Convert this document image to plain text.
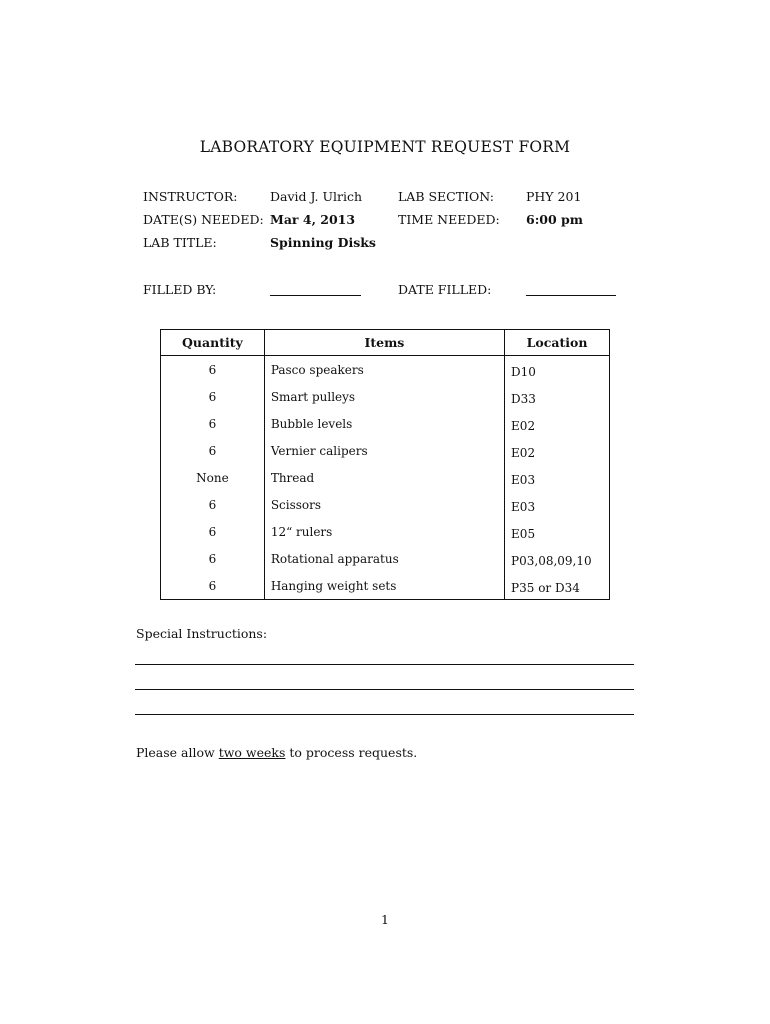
LABORATORY EQUIPMENT REQUEST FORM
INSTRUCTOR:	David J. Ulrich	LAB SECTION:	PHY 201
DATE(S) NEEDED: Mar 4, 2013	TIME NEEDED: 6:00 pm
LAB TITLE:	Spinning Disks
FILLED BY:	DATE FILLED:
Quantity	Items	Location
6	Pasco speakers	D10
6	Smart pulleys	D33
6	Bubble levels	E02
6	Vernier calipers	E02
None	Thread	E03
6	Scissors	E03
6	12“ rulers	E05
6	Rotational apparatus	P03,08,09,10
6	Hanging weight sets	P35 or D34

Special Instructions:
Please allow two weeks to process requests.
1
